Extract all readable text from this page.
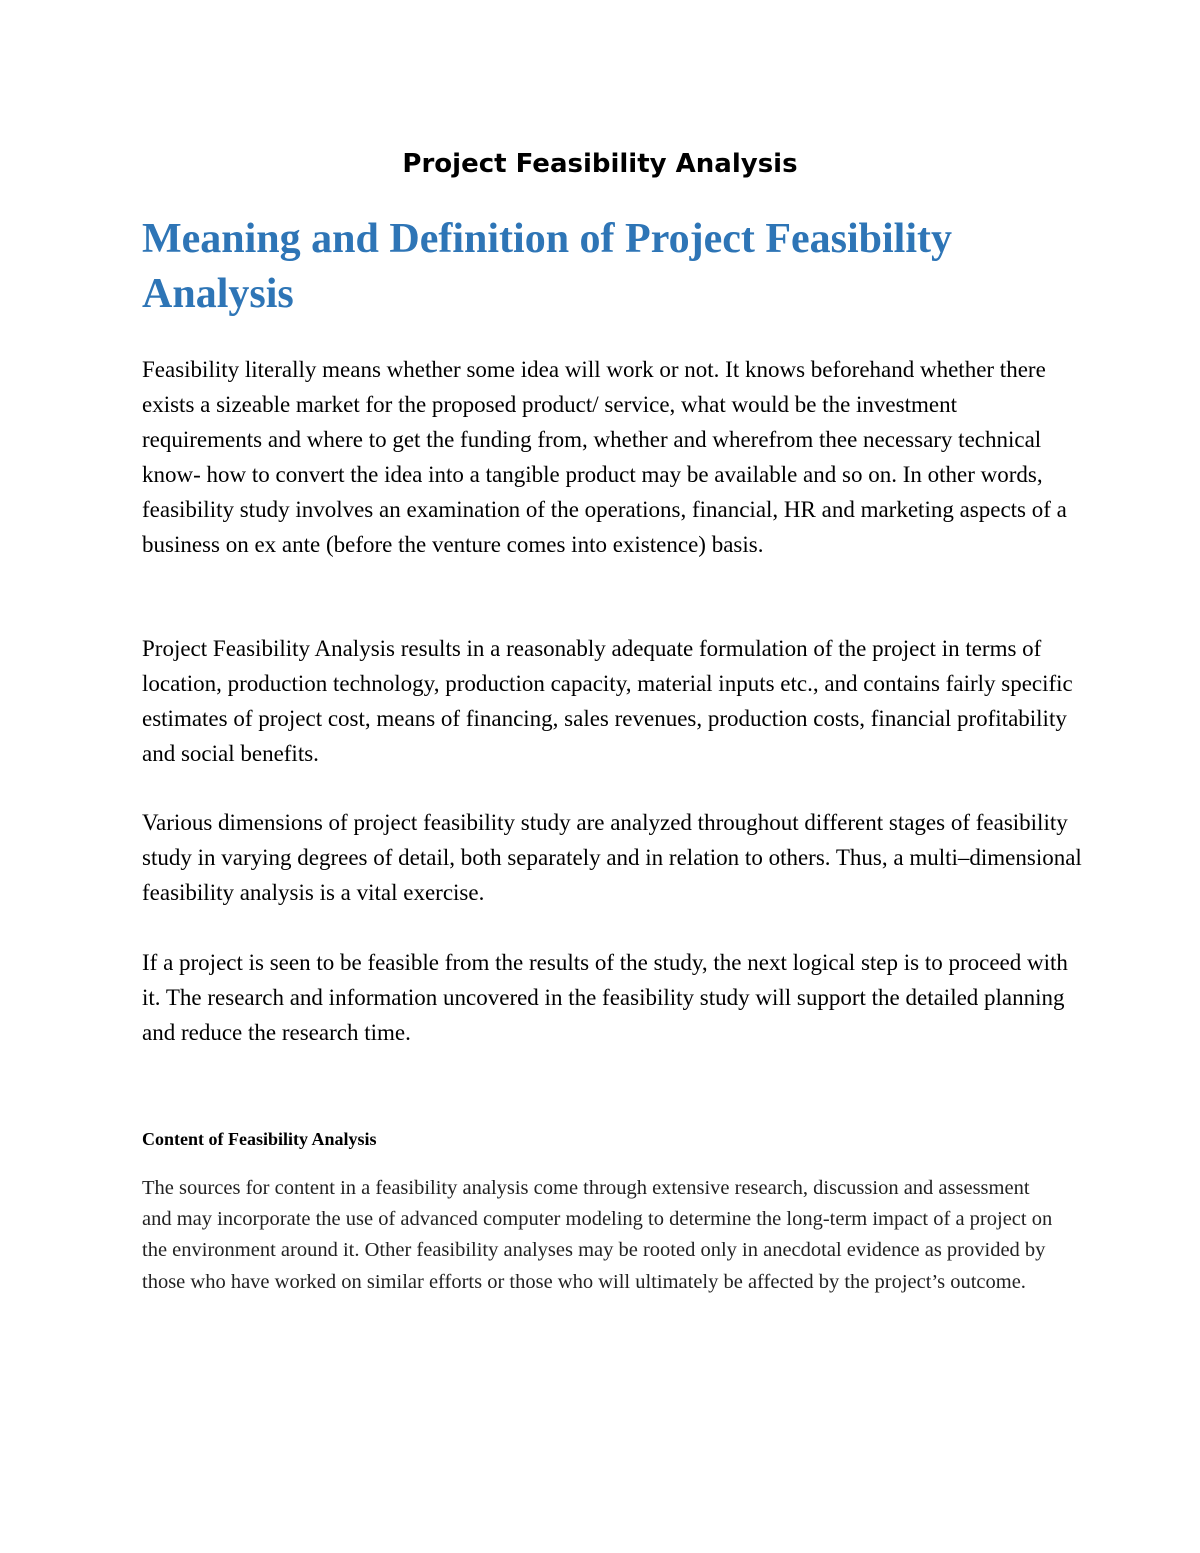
Project Feasibility Analysis
Meaning and Definition of Project Feasibility Analysis

Feasibility literally means whether some idea will work or not. It knows beforehand whether there exists a sizeable market for the proposed product/ service, what would be the investment requirements and where to get the funding from, whether and wherefrom thee necessary technical know- how to convert the idea into a tangible product may be available and so on. In other words, feasibility study involves an examination of the operations, financial, HR and marketing aspects of a business on ex ante (before the venture comes into existence) basis.

Project Feasibility Analysis results in a reasonably adequate formulation of the project in terms of location, production technology, production capacity, material inputs etc., and contains fairly specific estimates of project cost, means of financing, sales revenues, production costs, financial profitability and social benefits.

Various dimensions of project feasibility study are analyzed throughout different stages of feasibility study in varying degrees of detail, both separately and in relation to others. Thus, a multi–dimensional feasibility analysis is a vital exercise.

If a project is seen to be feasible from the results of the study, the next logical step is to proceed with it. The research and information uncovered in the feasibility study will support the detailed planning and reduce the research time.

Content of Feasibility Analysis

The sources for content in a feasibility analysis come through extensive research, discussion and assessment and may incorporate the use of advanced computer modeling to determine the long-term impact of a project on the environment around it. Other feasibility analyses may be rooted only in anecdotal evidence as provided by those who have worked on similar efforts or those who will ultimately be affected by the project’s outcome.
